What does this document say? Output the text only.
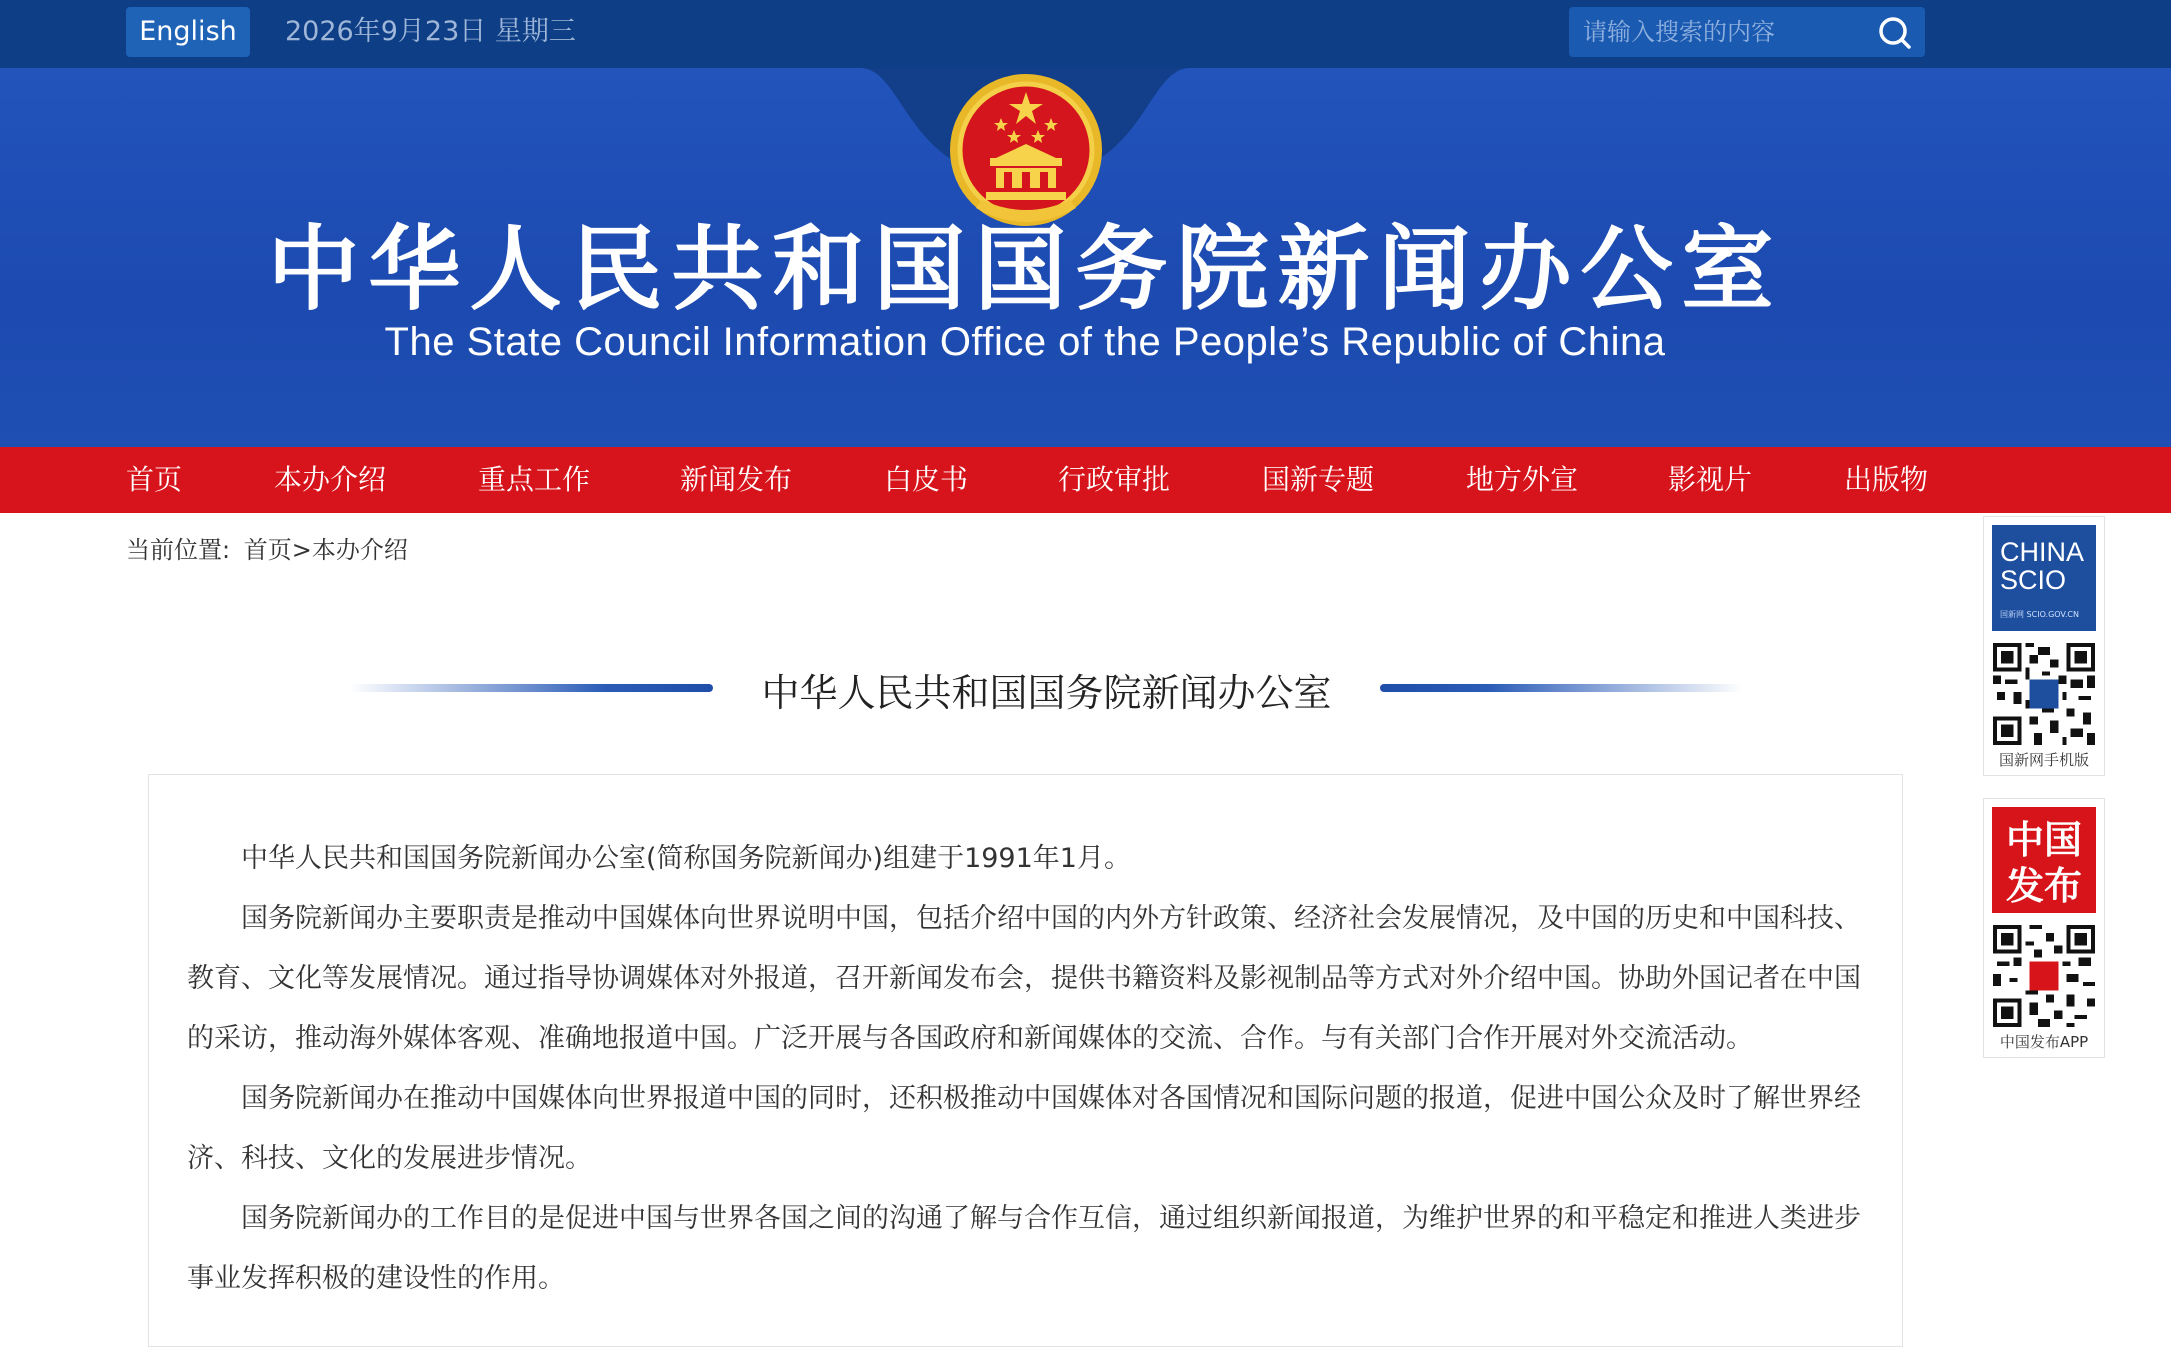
English	2026年9月23日 星期三
请输入搜索的内容
中华人民共和国国务院新闻办公室
The State Council Information Office of the People’s Republic of China
首页	本办介绍	重点工作	新闻发布	白皮书	行政审批	国新专题	地方外宣	影视片	出版物
当前位置: 首页>本办介绍
中华人民共和国国务院新闻办公室

中华人民共和国国务院新闻办公室(简称国务院新闻办)组建于1991年1月。

国务院新闻办主要职责是推动中国媒体向世界说明中国，包括介绍中国的内外方针政策、经济社会发展情况，及中国的历史和中国科技、教育、文化等发展情况。通过指导协调媒体对外报道，召开新闻发布会，提供书籍资料及影视制品等方式对外介绍中国。协助外国记者在中国的采访，推动海外媒体客观、准确地报道中国。广泛开展与各国政府和新闻媒体的交流、合作。与有关部门合作开展对外交流活动。

国务院新闻办在推动中国媒体向世界报道中国的同时，还积极推动中国媒体对各国情况和国际问题的报道，促进中国公众及时了解世界经济、科技、文化的发展进步情况。

国务院新闻办的工作目的是促进中国与世界各国之间的沟通了解与合作互信，通过组织新闻报道，为维护世界的和平稳定和推进人类进步事业发挥积极的建设性的作用。

CHINA
SCIO
国新网 SCIO.GOV.CN
国新网手机版
中国
发布
中国发布APP
